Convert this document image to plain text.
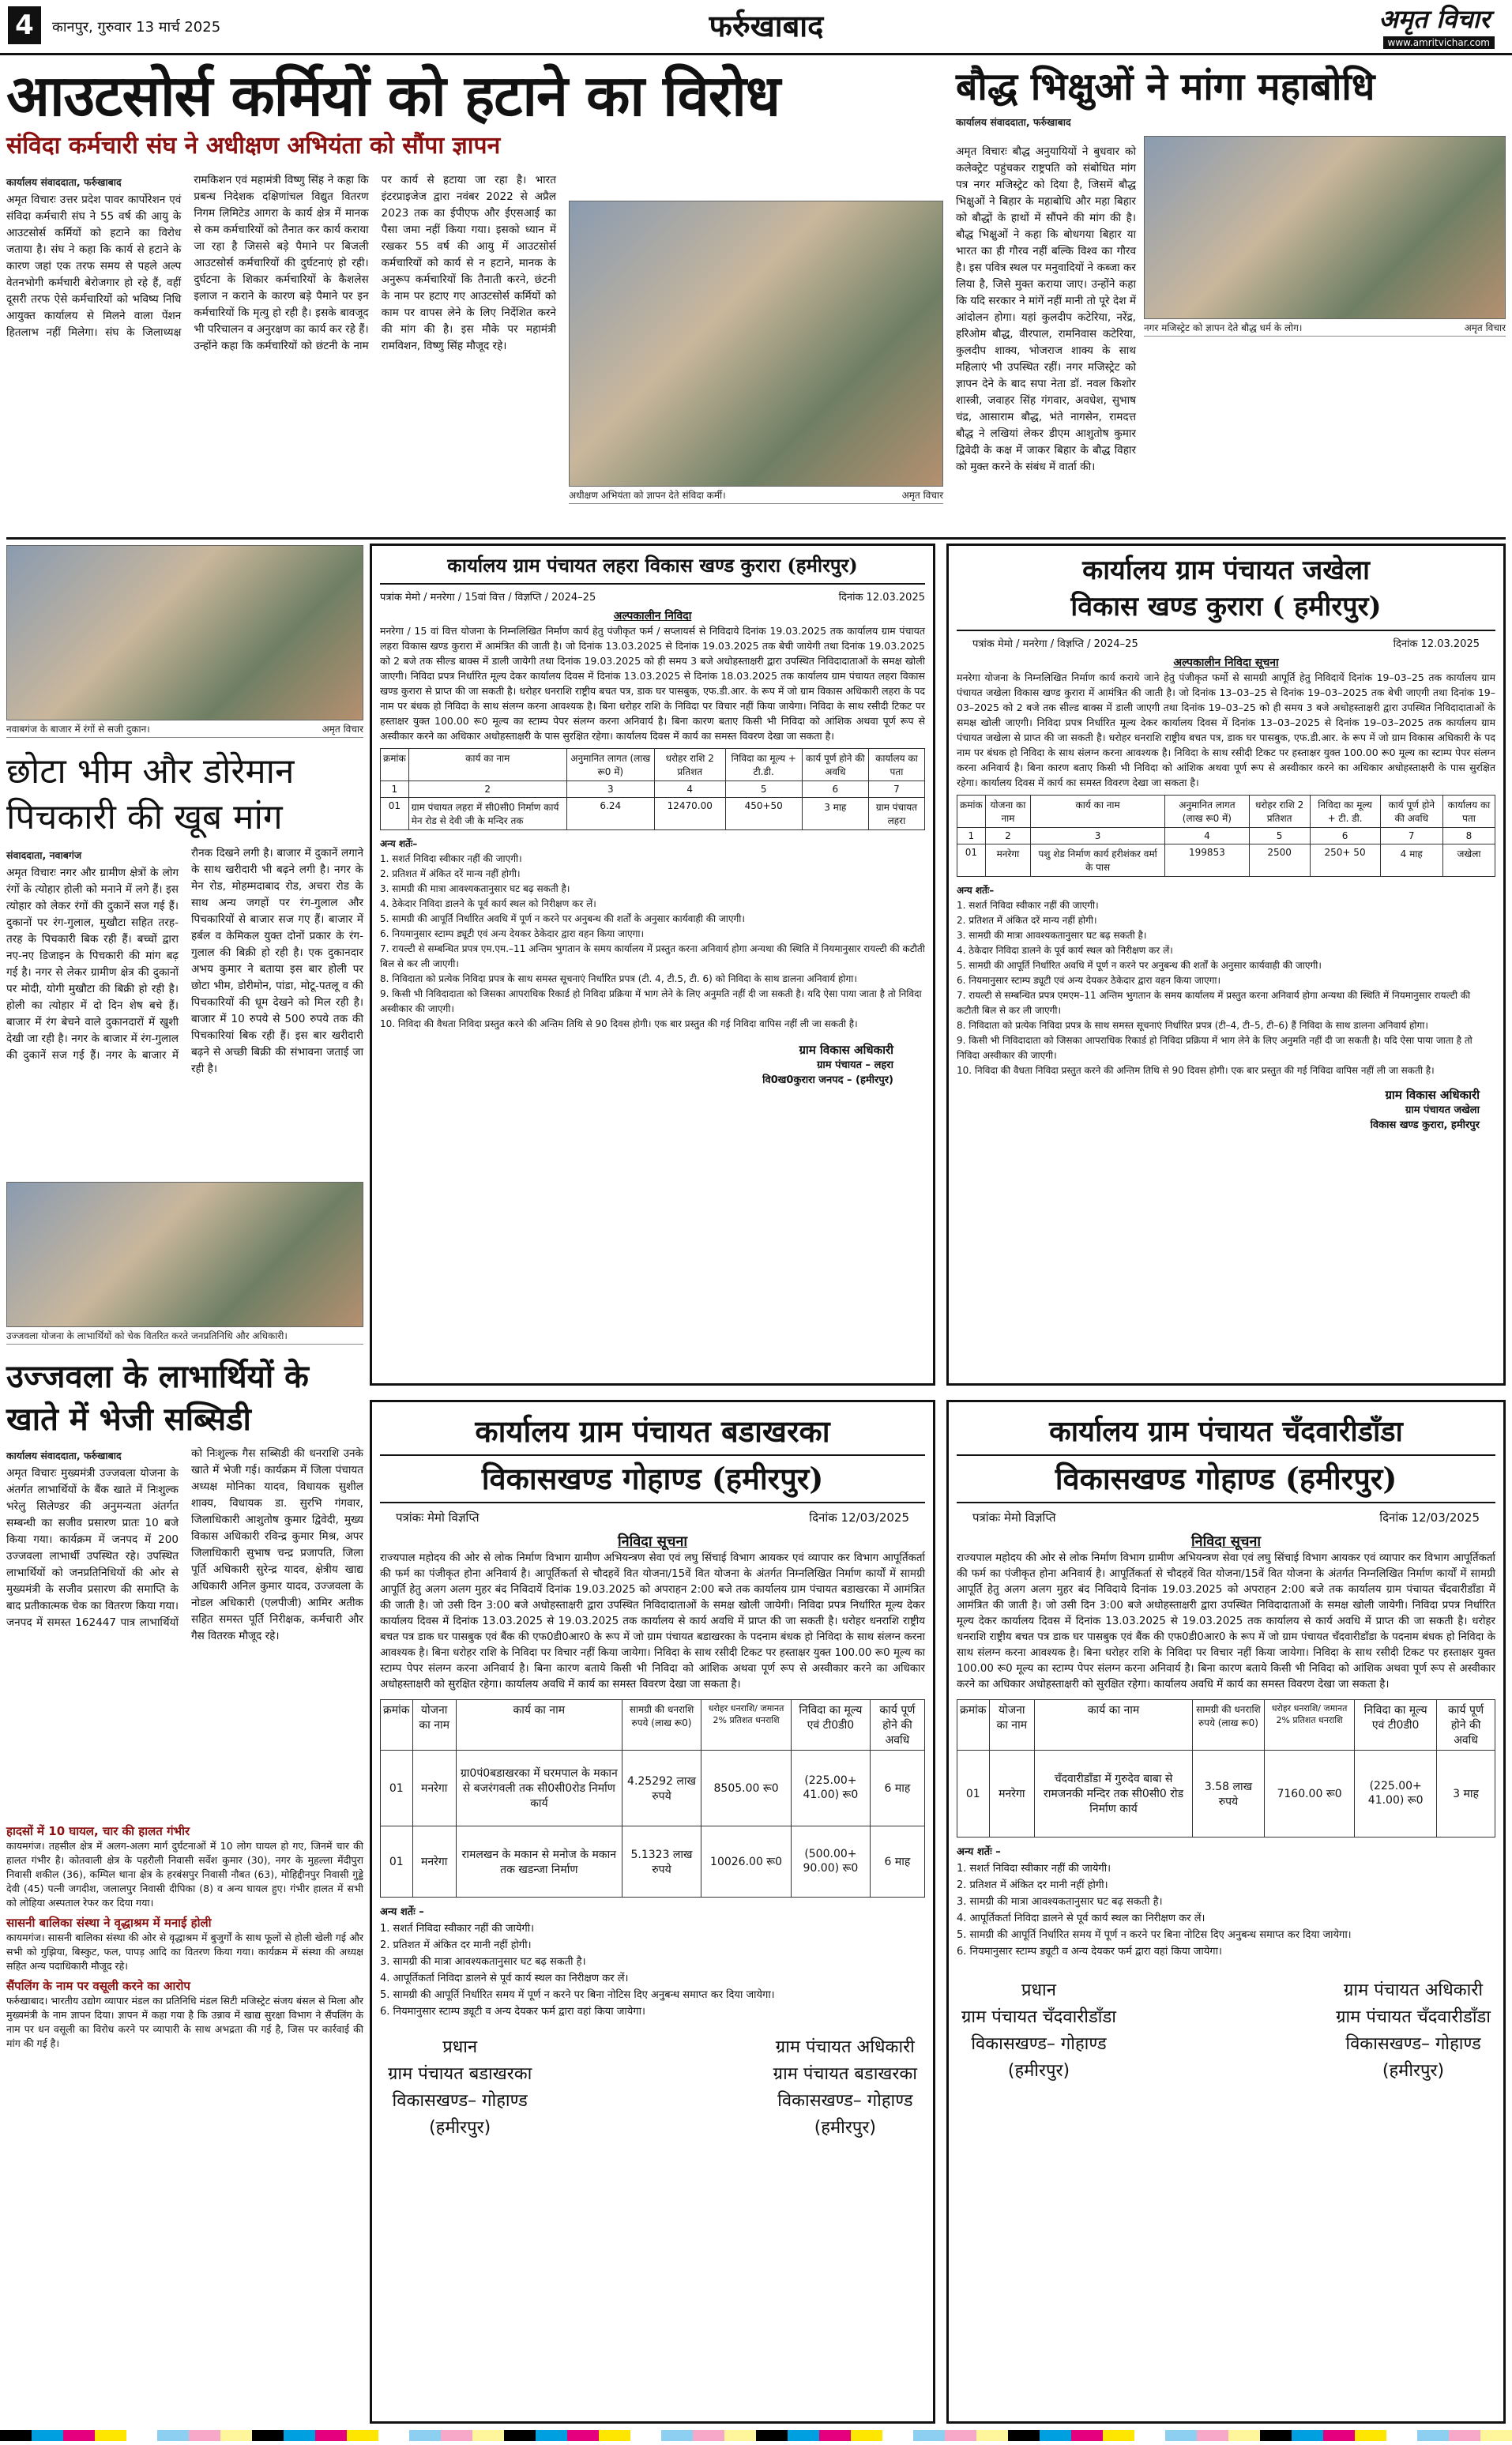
4	कानपुर, गुरुवार 13 मार्च 2025	फर्रुखाबाद	अमृत विचार
www.amritvichar.com
आउटसोर्स कर्मियों को हटाने का विरोध
संविदा कर्मचारी संघ ने अधीक्षण अभियंता को सौंपा ज्ञापन
कार्यालय संवाददाता, फर्रुखाबाद

अमृत विचारः उत्तर प्रदेश पावर कार्पोरेशन एवं संविदा कर्मचारी संघ ने 55 वर्ष की आयु के आउटसोर्स कर्मियों को हटाने का विरोध जताया है। संघ ने कहा कि कार्य से हटाने के कारण जहां एक तरफ समय से पहले अल्प वेतनभोगी कर्मचारी बेरोजगार हो रहे हैं, वहीं दूसरी तरफ ऐसे कर्मचारियों को भविष्य निधि आयुक्त कार्यालय से मिलने वाला पेंशन हितलाभ नहीं मिलेगा। संघ के जिलाध्यक्ष रामकिशन एवं महामंत्री विष्णु सिंह ने कहा कि प्रबन्ध निदेशक दक्षिणांचल विद्युत वितरण निगम लिमिटेड आगरा के कार्य क्षेत्र में मानक से कम कर्मचारियों को तैनात कर कार्य कराया जा रहा है जिससे बड़े पैमाने पर बिजली आउटसोर्स कर्मचारियों की दुर्घटनाएं हो रही। दुर्घटना के शिकार कर्मचारियों के कैशलेस इलाज न कराने के कारण बड़े पैमाने पर इन कर्मचारियों कि मृत्यु हो रही है। इसके बावजूद भी परिचालन व अनुरक्षण का कार्य कर रहे हैं। उन्होंने कहा कि कर्मचारियों को छंटनी के नाम पर कार्य से हटाया जा रहा है। भारत इंटरप्राइजेज द्वारा नवंबर 2022 से अप्रैल 2023 तक का ईपीएफ और ईएसआई का पैसा जमा नहीं किया गया। इसको ध्यान में रखकर 55 वर्ष की आयु में आउटसोर्स कर्मचारियों को कार्य से न हटाने, मानक के अनुरूप कर्मचारियों कि तैनाती करने, छंटनी के नाम पर हटाए गए आउटसोर्स कर्मियों को काम पर वापस लेने के लिए निर्देशित करने की मांग की है। इस मौके पर महामंत्री रामविशन, विष्णु सिंह मौजूद रहे।

अधीक्षण अभियंता को ज्ञापन देते संविदा कर्मी।	अमृत विचार
बौद्ध भिक्षुओं ने मांगा महाबोधि
कार्यालय संवाददाता, फर्रुखाबाद
नगर मजिस्ट्रेट को ज्ञापन देते बौद्ध धर्म के लोग।	अमृत विचार

अमृत विचारः बौद्ध अनुयायियों ने बुधवार को कलेक्ट्रेट पहुंचकर राष्ट्रपति को संबोधित मांग पत्र नगर मजिस्ट्रेट को दिया है, जिसमें बौद्ध भिक्षुओं ने बिहार के महाबोधि और महा बिहार को बौद्धों के हाथों में सौंपने की मांग की है। बौद्ध भिक्षुओं ने कहा कि बोधगया बिहार या भारत का ही गौरव नहीं बल्कि विश्व का गौरव है। इस पवित्र स्थल पर मनुवादियों ने कब्जा कर लिया है, जिसे मुक्त कराया जाए। उन्होंने कहा कि यदि सरकार ने मांगें नहीं मानी तो पूरे देश में आंदोलन होगा। यहां कुलदीप कटेरिया, नरेंद्र, हरिओम बौद्ध, वीरपाल, रामनिवास कटेरिया, कुलदीप शाक्य, भोजराज शाक्य के साथ महिलाएं भी उपस्थित रहीं। नगर मजिस्ट्रेट को ज्ञापन देने के बाद सपा नेता डॉ. नवल किशोर शास्त्री, जवाहर सिंह गंगवार, अवधेश, सुभाष चंद्र, आसाराम बौद्ध, भंते नागसेन, रामदत्त बौद्ध ने लखियां लेकर डीएम आशुतोष कुमार द्विवेदी के कक्ष में जाकर बिहार के बौद्ध विहार को मुक्त करने के संबंध में वार्ता की।

नवाबगंज के बाजार में रंगों से सजी दुकान।	अमृत विचार
छोटा भीम और डोरेमान
पिचकारी की खूब मांग
संवाददाता, नवाबगंज

अमृत विचारः नगर और ग्रामीण क्षेत्रों के लोग रंगों के त्योहार होली को मनाने में लगे हैं। इस त्योहार को लेकर रंगों की दुकानें सज गई हैं। दुकानों पर रंग-गुलाल, मुखौटा सहित तरह-तरह के पिचकारी बिक रही हैं। बच्चों द्वारा नए-नए डिजाइन के पिचकारी की मांग बढ़ गई है। नगर से लेकर ग्रामीण क्षेत्र की दुकानों पर मोदी, योगी मुखौटा की बिक्री हो रही है। होली का त्योहार में दो दिन शेष बचे हैं। बाजार में रंग बेचने वाले दुकानदारों में खुशी देखी जा रही है। नगर के बाजार में रंग-गुलाल की दुकानें सज गई हैं। नगर के बाजार में रौनक दिखने लगी है। बाजार में दुकानें लगाने के साथ खरीदारी भी बढ़ने लगी है। नगर के मेन रोड, मोहम्मदाबाद रोड, अचरा रोड के साथ अन्य जगहों पर रंग-गुलाल और पिचकारियों से बाजार सज गए हैं। बाजार में हर्बल व केमिकल युक्त दोनों प्रकार के रंग-गुलाल की बिक्री हो रही है। एक दुकानदार अभय कुमार ने बताया इस बार होली पर छोटा भीम, डोरीमोन, पांडा, मोटू-पतलू व की पिचकारियों की धूम देखने को मिल रही है। बाजार में 10 रुपये से 500 रुपये तक की पिचकारियां बिक रही हैं। इस बार खरीदारी बढ़ने से अच्छी बिक्री की संभावना जताई जा रही है।

उज्जवला योजना के लाभार्थियों को चेक वितरित करते जनप्रतिनिधि और अधिकारी।
उज्जवला के लाभार्थियों के खाते में भेजी सब्सिडी
कार्यालय संवाददाता, फर्रुखाबाद

अमृत विचारः मुख्यमंत्री उज्जवला योजना के अंतर्गत लाभार्थियों के बैंक खाते में निःशुल्क भरेलु सिलेण्डर की अनुमन्यता अंतर्गत सम्बन्धी का सजीव प्रसारण प्रातः 10 बजे किया गया। कार्यक्रम में जनपद में 200 उज्जवला लाभार्थी उपस्थित रहे। उपस्थित लाभार्थियों को जनप्रतिनिधियों की ओर से मुख्यमंत्री के सजीव प्रसारण की समाप्ति के बाद प्रतीकात्मक चेक का वितरण किया गया। जनपद में समस्त 162447 पात्र लाभार्थियों को निःशुल्क गैस सब्सिडी की धनराशि उनके खाते में भेजी गई। कार्यक्रम में जिला पंचायत अध्यक्ष मोनिका यादव, विधायक सुशील शाक्य, विधायक डा. सुरभि गंगवार, जिलाधिकारी आशुतोष कुमार द्विवेदी, मुख्य विकास अधिकारी रविन्द्र कुमार मिश्र, अपर जिलाधिकारी सुभाष चन्द्र प्रजापति, जिला पूर्ति अधिकारी सुरेन्द्र यादव, क्षेत्रीय खाद्य अधिकारी अनिल कुमार यादव, उज्जवला के नोडल अधिकारी (एलपीजी) आमिर अतीक सहित समस्त पूर्ति निरीक्षक, कर्मचारी और गैस वितरक मौजूद रहे।

हादसों में 10 घायल, चार की हालत गंभीर

कायमगंज। तहसील क्षेत्र में अलग-अलग मार्ग दुर्घटनाओं में 10 लोग घायल हो गए, जिनमें चार की हालत गंभीर है। कोतवाली क्षेत्र के पहरौली निवासी सर्वेश कुमार (30), नगर के मुहल्ला मेंदीपुरा निवासी शकील (36), कम्पिल थाना क्षेत्र के हरबंसपुर निवासी नौबत (63), मोहिद्दीनपुर निवासी गुड्डे देवी (45) पत्नी जगदीश, जलालपुर निवासी दीपिका (8) व अन्य घायल हुए। गंभीर हालत में सभी को लोहिया अस्पताल रेफर कर दिया गया।

सासनी बालिका संस्था ने वृद्धाश्रम में मनाई होली

कायमगंज। सासनी बालिका संस्था की ओर से वृद्धाश्रम में बुजुर्गों के साथ फूलों से होली खेली गई और सभी को गुझिया, बिस्कुट, फल, पापड़ आदि का वितरण किया गया। कार्यक्रम में संस्था की अध्यक्ष सहित अन्य पदाधिकारी मौजूद रहे।

सैंपलिंग के नाम पर वसूली करने का आरोप

फर्रुखाबाद। भारतीय उद्योग व्यापार मंडल का प्रतिनिधि मंडल सिटी मजिस्ट्रेट संजय बंसल से मिला और मुख्यमंत्री के नाम ज्ञापन दिया। ज्ञापन में कहा गया है कि उन्नाव में खाद्य सुरक्षा विभाग ने सैंपलिंग के नाम पर धन वसूली का विरोध करने पर व्यापारी के साथ अभद्रता की गई है, जिस पर कार्रवाई की मांग की गई है।

कार्यालय ग्राम पंचायत लहरा विकास खण्ड कुरारा (हमीरपुर)
पत्रांक मेमो / मनरेगा / 15वां वित्त / विज्ञप्ति / 2024–25	दिनांक 12.03.2025
अल्पकालीन निविदा

मनरेगा / 15 वां वित्त योजना के निम्नलिखित निर्माण कार्य हेतु पंजीकृत फर्म / सप्लायर्स से निविदाये दिनांक 19.03.2025 तक कार्यालय ग्राम पंचायत लहरा विकास खण्ड कुरारा में आमंत्रित की जाती है। जो दिनांक 13.03.2025 से दिनांक 19.03.2025 तक बेची जायेगी तथा दिनांक 19.03.2025 को 2 बजे तक सील्ड बाक्स में डाली जायेगी तथा दिनांक 19.03.2025 को ही समय 3 बजे अधोहस्ताक्षरी द्वारा उपस्थित निविदादाताओं के समक्ष खोली जाएगी। निविदा प्रपत्र निर्धारित मूल्य देकर कार्यालय दिवस में दिनांक 13.03.2025 से दिनांक 18.03.2025 तक कार्यालय ग्राम पंचायत लहरा विकास खण्ड कुरारा से प्राप्त की जा सकती है। धरोहर धनराशि राष्ट्रीय बचत पत्र, डाक घर पासबुक, एफ.डी.आर. के रूप में जो ग्राम विकास अधिकारी लहरा के पद नाम पर बंधक हो निविदा के साथ संलग्न करना आवश्यक है। बिना धरोहर राशि के निविदा पर विचार नहीं किया जायेगा। निविदा के साथ रसीदी टिकट पर हस्ताक्षर युक्त 100.00 रू0 मूल्य का स्टाम्प पेपर संलग्न करना अनिवार्य है। बिना कारण बताए किसी भी निविदा को आंशिक अथवा पूर्ण रूप से अस्वीकार करने का अधिकार अधोहस्ताक्षरी के पास सुरक्षित रहेगा। कार्यालय दिवस में कार्य का समस्त विवरण देखा जा सकता है।

क्रमांक	कार्य का नाम	अनुमानित लागत (लाख रू0 में)	धरोहर राशि 2 प्रतिशत	निविदा का मूल्य + टी.डी.	कार्य पूर्ण होने की अवधि	कार्यालय का पता
1	2	3	4	5	6	7
01	ग्राम पंचायत लहरा में सी0सी0 निर्माण कार्य मेन रोड से देवी जी के मन्दिर तक	6.24	12470.00	450+50	3 माह	ग्राम पंचायत लहरा
अन्य शर्तेः–
1. सशर्त निविदा स्वीकार नहीं की जाएगी।
2. प्रतिशत में अंकित दरें मान्य नहीं होगी।
3. सामग्री की मात्रा आवश्यकतानुसार घट बढ़ सकती है।
4. ठेकेदार निविदा डालने के पूर्व कार्य स्थल को निरीक्षण कर लें।
5. सामग्री की आपूर्ति निर्धारित अवधि में पूर्ण न करने पर अनुबन्ध की शर्तों के अनुसार कार्यवाही की जाएगी।
6. नियमानुसार स्टाम्प ड्यूटी एवं अन्य देयकर ठेकेदार द्वारा वहन किया जाएगा।
7. रायल्टी से सम्बन्धित प्रपत्र एम.एम.–11 अन्तिम भुगतान के समय कार्यालय में प्रस्तुत करना अनिवार्य होगा अन्यथा की स्थिति में नियमानुसार रायल्टी की कटौती बिल से कर ली जाएगी।
8. निविदाता को प्रत्येक निविदा प्रपत्र के साथ समस्त सूचनाएं निर्धारित प्रपत्र (टी. 4, टी.5, टी. 6) को निविदा के साथ डालना अनिवार्य होगा।
9. किसी भी निविदादाता को जिसका आपराधिक रिकार्ड हो निविदा प्रक्रिया में भाग लेने के लिए अनुमति नहीं दी जा सकती है। यदि ऐसा पाया जाता है तो निविदा अस्वीकार की जाएगी।
10. निविदा की वैधता निविदा प्रस्तुत करने की अन्तिम तिथि से 90 दिवस होगी। एक बार प्रस्तुत की गई निविदा वापिस नहीं ली जा सकती है।
ग्राम विकास अधिकारी
ग्राम पंचायत – लहरा
वि0ख0कुरारा जनपद – (हमीरपुर)
कार्यालय ग्राम पंचायत जखेला
विकास खण्ड कुरारा ( हमीरपुर)
पत्रांक मेमो / मनरेगा / विज्ञप्ति / 2024–25	दिनांक 12.03.2025
अल्पकालीन निविदा सूचना

मनरेगा योजना के निम्नलिखित निर्माण कार्य कराये जाने हेतु पंजीकृत फर्मो से सामग्री आपूर्ति हेतु निविदायें दिनांक 19–03–25 तक कार्यालय ग्राम पंचायत जखेला विकास खण्ड कुरारा में आमंत्रित की जाती है। जो दिनांक 13–03–25 से दिनांक 19–03–2025 तक बेची जाएगी तथा दिनांक 19–03–2025 को 2 बजे तक सील्ड बाक्स में डाली जाएगी तथा दिनांक 19–03–25 को ही समय 3 बजे अधोहस्ताक्षरी द्वारा उपस्थित निविदादाताओं के समक्ष खोली जाएगी। निविदा प्रपत्र निर्धारित मूल्य देकर कार्यालय दिवस में दिनांक 13–03–2025 से दिनांक 19–03–2025 तक कार्यालय ग्राम पंचायत जखेला से प्राप्त की जा सकती है। धरोहर धनराशि राष्ट्रीय बचत पत्र, डाक घर पासबुक, एफ.डी.आर. के रूप में जो ग्राम विकास अधिकारी के पद नाम पर बंधक हो निविदा के साथ संलग्न करना आवश्यक है। निविदा के साथ रसीदी टिकट पर हस्ताक्षर युक्त 100.00 रू0 मूल्य का स्टाम्प पेपर संलग्न करना अनिवार्य है। बिना कारण बताए किसी भी निविदा को आंशिक अथवा पूर्ण रूप से अस्वीकार करने का अधिकार अधोहस्ताक्षरी के पास सुरक्षित रहेगा। कार्यालय दिवस में कार्य का समस्त विवरण देखा जा सकता है।

क्रमांक	योजना का नाम	कार्य का नाम	अनुमानित लागत (लाख रू0 में)	धरोहर राशि 2 प्रतिशत	निविदा का मूल्य + टी. डी.	कार्य पूर्ण होने की अवधि	कार्यालय का पता
1	2	3	4	5	6	7	8
01	मनरेगा	पशु शेड निर्माण कार्य हरीशंकर वर्मा के पास	199853	2500	250+ 50	4 माह	जखेला
अन्य शर्तेः–
1. सशर्त निविदा स्वीकार नहीं की जाएगी।
2. प्रतिशत में अंकित दरें मान्य नहीं होगी।
3. सामग्री की मात्रा आवश्यकतानुसार घट बढ़ सकती है।
4. ठेकेदार निविदा डालने के पूर्व कार्य स्थल को निरीक्षण कर लें।
5. सामग्री की आपूर्ति निर्धारित अवधि में पूर्ण न करने पर अनुबन्ध की शर्तों के अनुसार कार्यवाही की जाएगी।
6. नियमानुसार स्टाम्प ड्यूटी एवं अन्य देयकर ठेकेदार द्वारा वहन किया जाएगा।
7. रायल्टी से सम्बन्धित प्रपत्र एमएम–11 अन्तिम भुगतान के समय कार्यालय में प्रस्तुत करना अनिवार्य होगा अन्यथा की स्थिति में नियमानुसार रायल्टी की कटौती बिल से कर ली जाएगी।
8. निविदाता को प्रत्येक निविदा प्रपत्र के साथ समस्त सूचनाएं निर्धारित प्रपत्र (टी–4, टी–5, टी–6) हैं निविदा के साथ डालना अनिवार्य होगा।
9. किसी भी निविदादाता को जिसका आपराधिक रिकार्ड हो निविदा प्रक्रिया में भाग लेने के लिए अनुमति नहीं दी जा सकती है। यदि ऐसा पाया जाता है तो निविदा अस्वीकार की जाएगी।
10. निविदा की वैधता निविदा प्रस्तुत करने की अन्तिम तिथि से 90 दिवस होगी। एक बार प्रस्तुत की गई निविदा वापिस नहीं ली जा सकती है।
ग्राम विकास अधिकारी
ग्राम पंचायत जखेला
विकास खण्ड कुरारा, हमीरपुर
कार्यालय ग्राम पंचायत बडाखरका
विकासखण्ड गोहाण्ड (हमीरपुर)
पत्रांकः मेमो विज्ञप्ति	दिनांक 12/03/2025
निविदा सूचना

राज्यपाल महोदय की ओर से लोक निर्माण विभाग ग्रामीण अभियन्त्रण सेवा एवं लघु सिंचाई विभाग आयकर एवं व्यापार कर विभाग आपूर्तिकर्ता की फर्म का पंजीकृत होना अनिवार्य है। आपूर्तिकर्ता से चौदहवें वित योजना/15वें वित योजना के अंतर्गत निम्नलिखित निर्माण कार्यों में सामग्री आपूर्ति हेतु अलग अलग मुहर बंद निविदायें दिनांक 19.03.2025 को अपराहन 2:00 बजे तक कार्यालय ग्राम पंचायत बडाखरका में आमंत्रित की जाती है। जो उसी दिन 3:00 बजे अधोहस्ताक्षरी द्वारा उपस्थित निविदादाताओं के समक्ष खोली जायेगी। निविदा प्रपत्र निर्धारित मूल्य देकर कार्यालय दिवस में दिनांक 13.03.2025 से 19.03.2025 तक कार्यालय से कार्य अवधि में प्राप्त की जा सकती है। धरोहर धनराशि राष्ट्रीय बचत पत्र डाक घर पासबुक एवं बैंक की एफ0डी0आर0 के रूप में जो ग्राम पंचायत बडाखरका के पदनाम बंधक हो निविदा के साथ संलग्न करना आवश्यक है। बिना धरोहर राशि के निविदा पर विचार नहीं किया जायेगा। निविदा के साथ रसीदी टिकट पर हस्ताक्षर युक्त 100.00 रू0 मूल्य का स्टाम्प पेपर संलग्न करना अनिवार्य है। बिना कारण बताये किसी भी निविदा को आंशिक अथवा पूर्ण रूप से अस्वीकार करने का अधिकार अधोहस्ताक्षरी को सुरक्षित रहेगा। कार्यालय अवधि में कार्य का समस्त विवरण देखा जा सकता है।

क्रमांक	योजना का नाम	कार्य का नाम	सामग्री की धनराशि रुपये (लाख रू0)	धरोहर धनराशि/ जमानत 2% प्रतिशत धनराशि	निविदा का मूल्य एवं टी0डी0	कार्य पूर्ण होने की अवधि
01	मनरेगा	ग्रा0पं0बडाखरका में घरमपाल के मकान से बजरंगवली तक सी0सी0रोड निर्माण कार्य	4.25292 लाख रुपये	8505.00 रू0	(225.00+ 41.00) रू0	6 माह
01	मनरेगा	रामलखन के मकान से मनोज के मकान तक खडन्जा निर्माण	5.1323 लाख रुपये	10026.00 रू0	(500.00+ 90.00) रू0	6 माह
अन्य शर्तेः –
1. सशर्त निविदा स्वीकार नहीं की जायेगी।
2. प्रतिशत में अंकित दर मानी नहीं होगी।
3. सामग्री की मात्रा आवश्यकतानुसार घट बढ़ सकती है।
4. आपूर्तिकर्ता निविदा डालने से पूर्व कार्य स्थल का निरीक्षण कर लें।
5. सामग्री की आपूर्ति निर्धारित समय में पूर्ण न करने पर बिना नोटिस दिए अनुबन्ध समाप्त कर दिया जायेगा।
6. नियमानुसार स्टाम्प ड्यूटी व अन्य देयकर फर्म द्वारा वहां किया जायेगा।
प्रधान
ग्राम पंचायत बडाखरका
विकासखण्ड– गोहाण्ड
(हमीरपुर)
ग्राम पंचायत अधिकारी
ग्राम पंचायत बडाखरका
विकासखण्ड– गोहाण्ड
(हमीरपुर)
कार्यालय ग्राम पंचायत चँदवारीडाँडा
विकासखण्ड गोहाण्ड (हमीरपुर)
पत्रांकः मेमो विज्ञप्ति	दिनांक 12/03/2025
निविदा सूचना

राज्यपाल महोदय की ओर से लोक निर्माण विभाग ग्रामीण अभियन्त्रण सेवा एवं लघु सिंचाई विभाग आयकर एवं व्यापार कर विभाग आपूर्तिकर्ता की फर्म का पंजीकृत होना अनिवार्य है। आपूर्तिकर्ता से चौदहवें वित योजना/15वें वित योजना के अंतर्गत निम्नलिखित निर्माण कार्यों में सामग्री आपूर्ति हेतु अलग अलग मुहर बंद निविदाये दिनांक 19.03.2025 को अपराहन 2:00 बजे तक कार्यालय ग्राम पंचायत चँदवारीडाँडा में आमंत्रित की जाती है। जो उसी दिन 3:00 बजे अधोहस्ताक्षरी द्वारा उपस्थित निविदादाताओं के समक्ष खोली जायेगी। निविदा प्रपत्र निर्धारित मूल्य देकर कार्यालय दिवस में दिनांक 13.03.2025 से 19.03.2025 तक कार्यालय से कार्य अवधि में प्राप्त की जा सकती है। धरोहर धनराशि राष्ट्रीय बचत पत्र डाक घर पासबुक एवं बैंक की एफ0डी0आर0 के रूप में जो ग्राम पंचायत चँदवारीडाँडा के पदनाम बंधक हो निविदा के साथ संलग्न करना आवश्यक है। बिना धरोहर राशि के निविदा पर विचार नहीं किया जायेगा। निविदा के साथ रसीदी टिकट पर हस्ताक्षर युक्त 100.00 रू0 मूल्य का स्टाम्प पेपर संलग्न करना अनिवार्य है। बिना कारण बताये किसी भी निविदा को आंशिक अथवा पूर्ण रूप से अस्वीकार करने का अधिकार अधोहस्ताक्षरी को सुरक्षित रहेगा। कार्यालय अवधि में कार्य का समस्त विवरण देखा जा सकता है।

क्रमांक	योजना का नाम	कार्य का नाम	सामग्री की धनराशि रुपये (लाख रू0)	धरोहर धनराशि/ जमानत 2% प्रतिशत धनराशि	निविदा का मूल्य एवं टी0डी0	कार्य पूर्ण होने की अवधि
01	मनरेगा	चँदवारीडाँडा में गुरुदेव बाबा से रामजनकी मन्दिर तक सी0सी0 रोड निर्माण कार्य	3.58 लाख रुपये	7160.00 रू0	(225.00+ 41.00) रू0	3 माह
अन्य शर्तेः –
1. सशर्त निविदा स्वीकार नहीं की जायेगी।
2. प्रतिशत में अंकित दर मानी नहीं होगी।
3. सामग्री की मात्रा आवश्यकतानुसार घट बढ़ सकती है।
4. आपूर्तिकर्ता निविदा डालने से पूर्व कार्य स्थल का निरीक्षण कर लें।
5. सामग्री की आपूर्ति निर्धारित समय में पूर्ण न करने पर बिना नोटिस दिए अनुबन्ध समाप्त कर दिया जायेगा।
6. नियमानुसार स्टाम्प ड्यूटी व अन्य देयकर फर्म द्वारा वहां किया जायेगा।
प्रधान
ग्राम पंचायत चँदवारीडाँडा
विकासखण्ड– गोहाण्ड
(हमीरपुर)
ग्राम पंचायत अधिकारी
ग्राम पंचायत चँदवारीडाँडा
विकासखण्ड– गोहाण्ड
(हमीरपुर)
